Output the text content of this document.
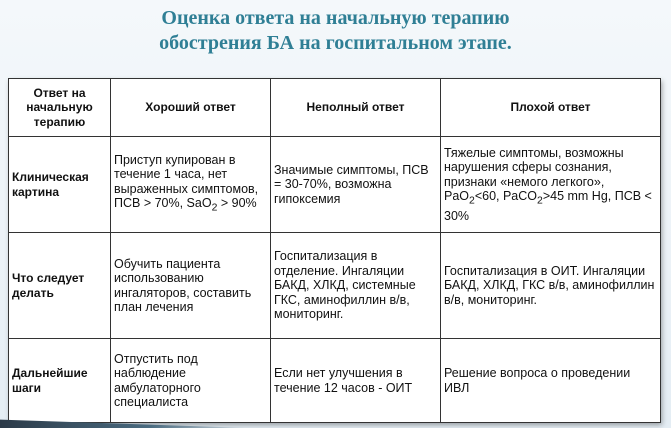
Оценка ответа на начальную терапию
обострения БА на госпитальном этапе.
Ответ на начальную терапию	Хороший ответ	Неполный ответ	Плохой ответ
Клиническая картина	Приступ купирован в течение 1 часа, нет выраженных симптомов, ПСВ > 70%, SaO$_2$ > 90%	Значимые симптомы, ПСВ = 30-70%, возможна гипоксемия	Тяжелые симптомы, возможны нарушения сферы сознания, признаки «немого легкого», PaO$_2$<60, PaCO$_2$>45 mm Hg, ПСВ < 30%
Что следует делать	Обучить пациента использованию ингаляторов, составить план лечения	Госпитализация в отделение. Ингаляции БАКД, ХЛКД, системные ГКС, аминофиллин в/в, мониторинг.	Госпитализация в ОИТ. Ингаляции БАКД, ХЛКД, ГКС в/в, аминофиллин в/в, мониторинг.
Дальнейшие шаги	Отпустить под наблюдение амбулаторного специалиста	Если нет улучшения в течение 12 часов - ОИТ	Решение вопроса о проведении ИВЛ
